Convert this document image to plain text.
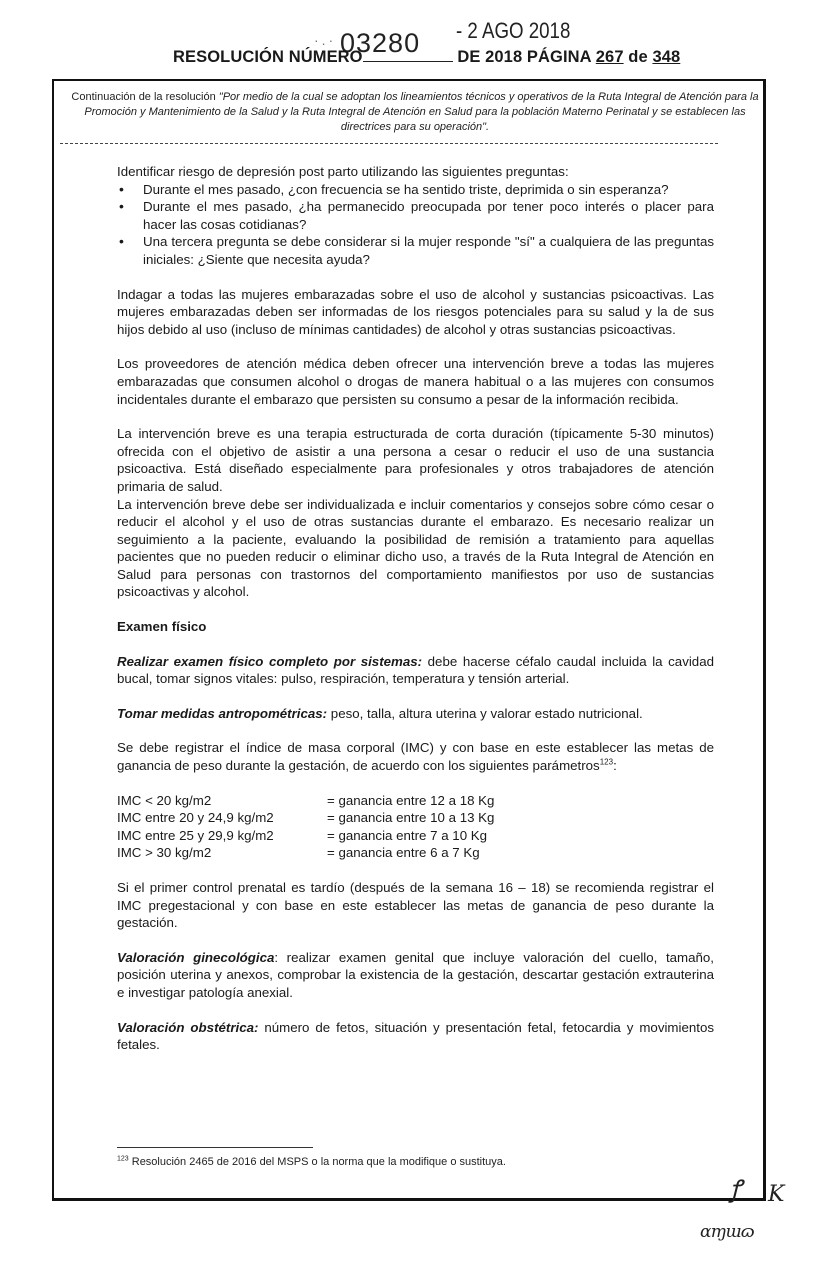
·.· 03280 - 2 AGO 2018
RESOLUCIÓN NÚMERO	DE 2018 PÁGINA 267 de 348
Continuación de la resolución "Por medio de la cual se adoptan los lineamientos técnicos y operativos de la Ruta Integral de Atención para la Promoción y Mantenimiento de la Salud y la Ruta Integral de Atención en Salud para la población Materno Perinatal y se establecen las directrices para su operación".

Identificar riesgo de depresión post parto utilizando las siguientes preguntas:

• Durante el mes pasado, ¿con frecuencia se ha sentido triste, deprimida o sin esperanza?
• Durante el mes pasado, ¿ha permanecido preocupada por tener poco interés o placer para hacer las cosas cotidianas?
• Una tercera pregunta se debe considerar si la mujer responde "sí" a cualquiera de las preguntas iniciales: ¿Siente que necesita ayuda?

Indagar a todas las mujeres embarazadas sobre el uso de alcohol y sustancias psicoactivas. Las mujeres embarazadas deben ser informadas de los riesgos potenciales para su salud y la de sus hijos debido al uso (incluso de mínimas cantidades) de alcohol y otras sustancias psicoactivas.

Los proveedores de atención médica deben ofrecer una intervención breve a todas las mujeres embarazadas que consumen alcohol o drogas de manera habitual o a las mujeres con consumos incidentales durante el embarazo que persisten su consumo a pesar de la información recibida.

La intervención breve es una terapia estructurada de corta duración (típicamente 5-30 minutos) ofrecida con el objetivo de asistir a una persona a cesar o reducir el uso de una sustancia psicoactiva. Está diseñado especialmente para profesionales y otros trabajadores de atención primaria de salud.

La intervención breve debe ser individualizada e incluir comentarios y consejos sobre cómo cesar o reducir el alcohol y el uso de otras sustancias durante el embarazo. Es necesario realizar un seguimiento a la paciente, evaluando la posibilidad de remisión a tratamiento para aquellas pacientes que no pueden reducir o eliminar dicho uso, a través de la Ruta Integral de Atención en Salud para personas con trastornos del comportamiento manifiestos por uso de sustancias psicoactivas y alcohol.

Examen físico

Realizar examen físico completo por sistemas: debe hacerse céfalo caudal incluida la cavidad bucal, tomar signos vitales: pulso, respiración, temperatura y tensión arterial.

Tomar medidas antropométricas: peso, talla, altura uterina y valorar estado nutricional.

Se debe registrar el índice de masa corporal (IMC) y con base en este establecer las metas de ganancia de peso durante la gestación, de acuerdo con los siguientes parámetros$^{123}$:

IMC < 20 kg/m2	= ganancia entre 12 a 18 Kg
IMC entre 20 y 24,9 kg/m2	= ganancia entre 10 a 13 Kg
IMC entre 25 y 29,9 kg/m2	= ganancia entre 7 a 10 Kg
IMC > 30 kg/m2	= ganancia entre 6 a 7 Kg

Si el primer control prenatal es tardío (después de la semana 16 – 18) se recomienda registrar el IMC pregestacional y con base en este establecer las metas de ganancia de peso durante la gestación.

Valoración ginecológica: realizar examen genital que incluye valoración del cuello, tamaño, posición uterina y anexos, comprobar la existencia de la gestación, descartar gestación extrauterina e investigar patología anexial.

Valoración obstétrica: número de fetos, situación y presentación fetal, fetocardia y movimientos fetales.

$^{123}$ Resolución 2465 de 2016 del MSPS o la norma que la modifique o sustituya.
ꝭ K
ɑɱɯɷ
